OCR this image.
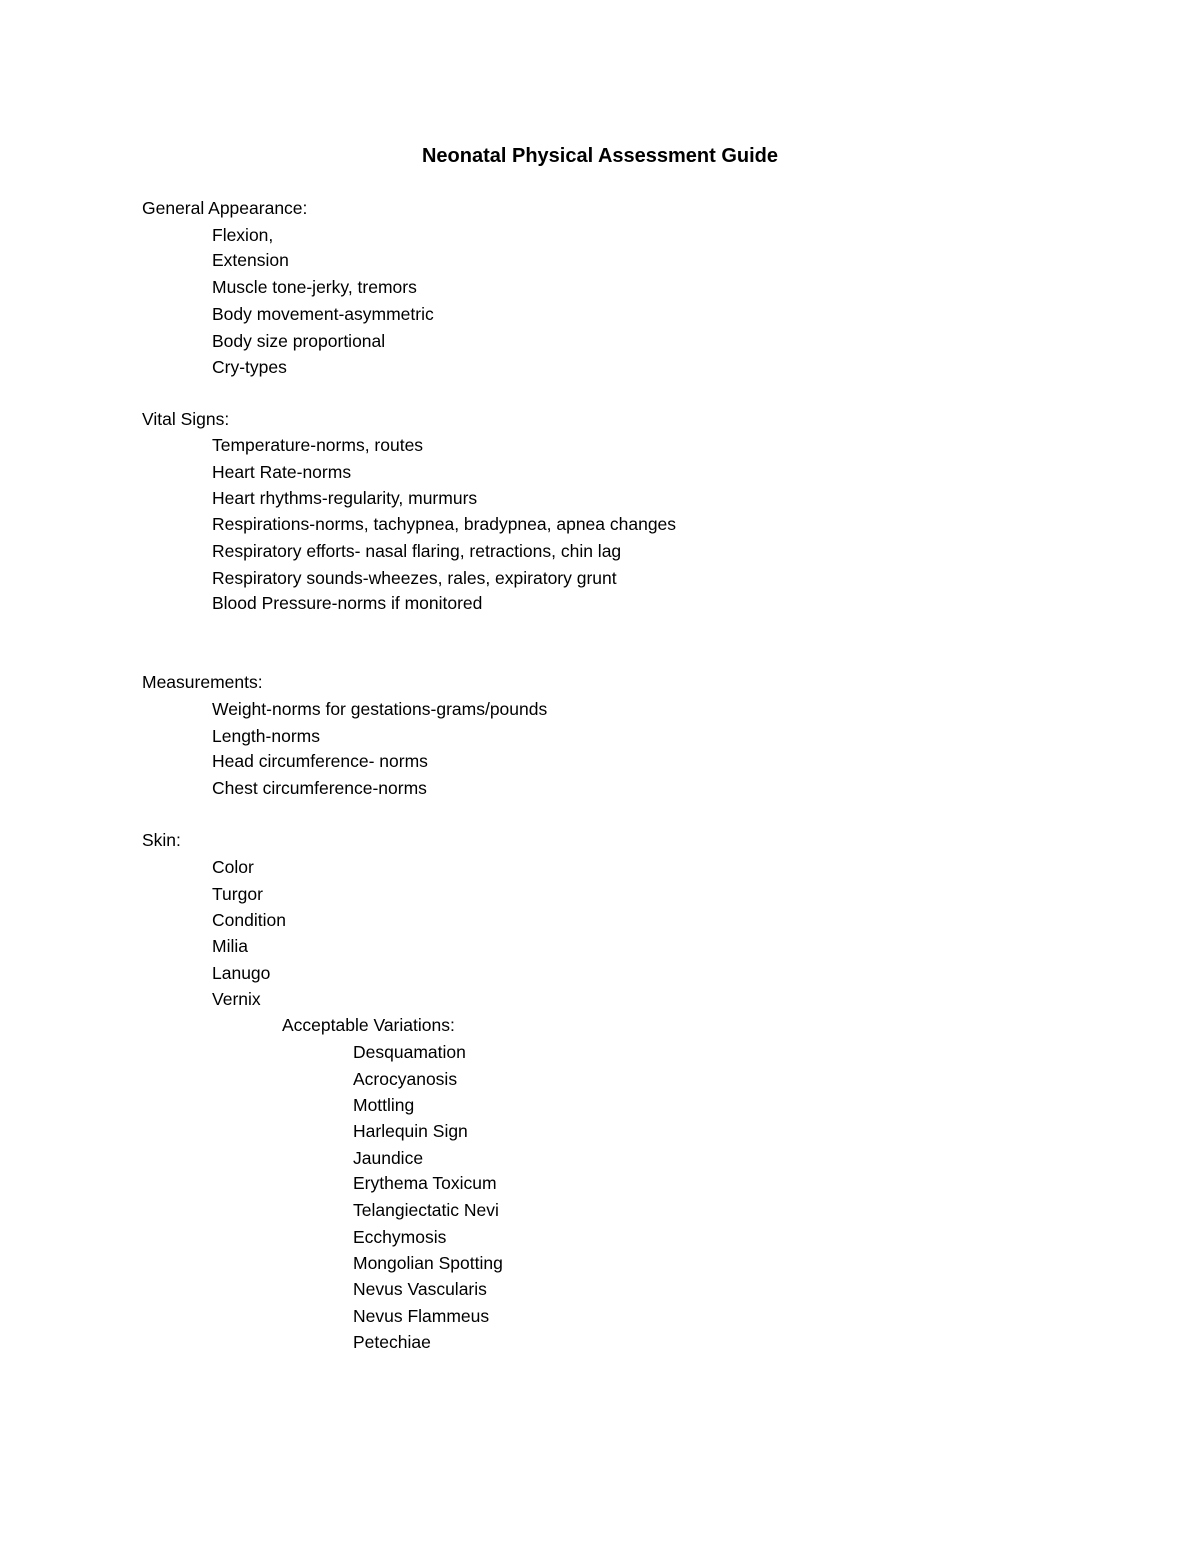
Neonatal Physical Assessment Guide
General Appearance:
Flexion,
Extension
Muscle tone-jerky, tremors
Body movement-asymmetric
Body size proportional
Cry-types
Vital Signs:
Temperature-norms, routes
Heart Rate-norms
Heart rhythms-regularity, murmurs
Respirations-norms, tachypnea, bradypnea, apnea changes
Respiratory efforts- nasal flaring, retractions, chin lag
Respiratory sounds-wheezes, rales, expiratory grunt
Blood Pressure-norms if monitored
Measurements:
Weight-norms for gestations-grams/pounds
Length-norms
Head circumference- norms
Chest circumference-norms
Skin:
Color
Turgor
Condition
Milia
Lanugo
Vernix
Acceptable Variations:
Desquamation
Acrocyanosis
Mottling
Harlequin Sign
Jaundice
Erythema Toxicum
Telangiectatic Nevi
Ecchymosis
Mongolian Spotting
Nevus Vascularis
Nevus Flammeus
Petechiae
